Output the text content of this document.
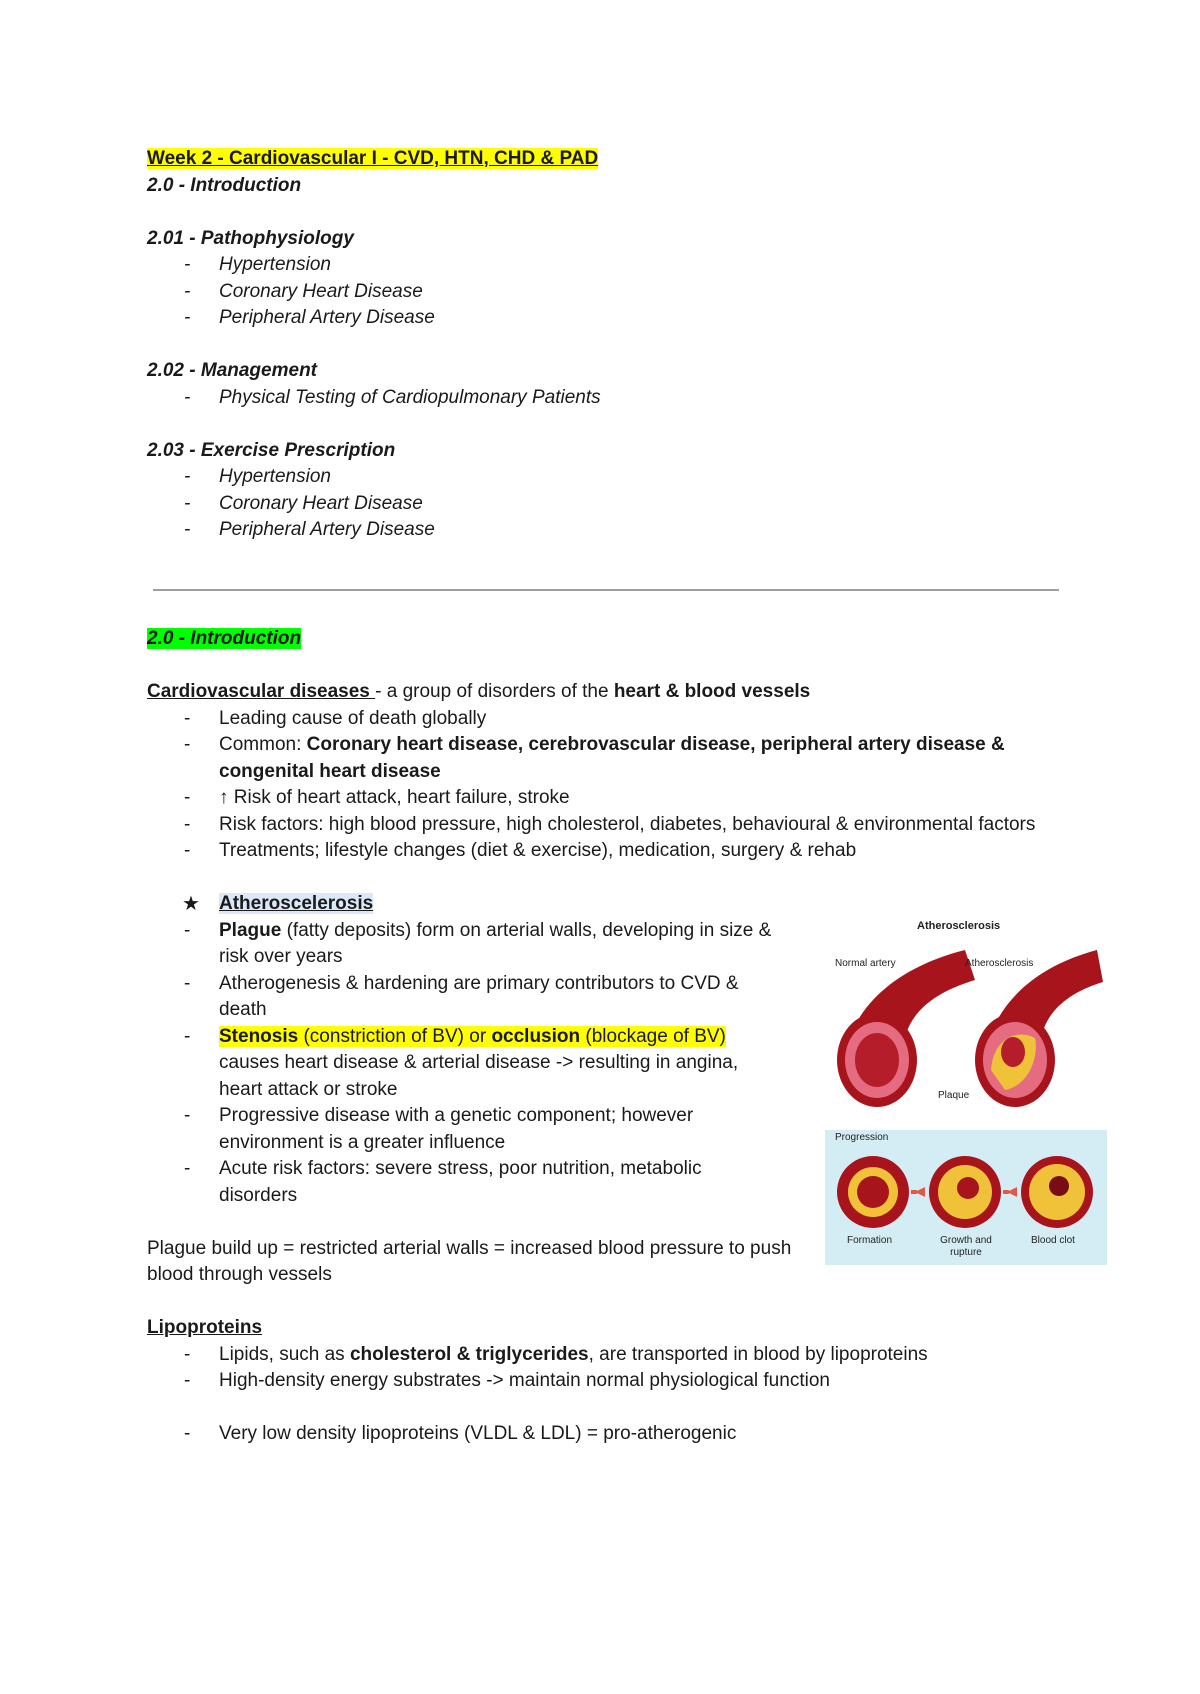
Week 2 - Cardiovascular I - CVD, HTN, CHD & PAD

2.0 - Introduction

2.01 - Pathophysiology

- Hypertension
- Coronary Heart Disease
- Peripheral Artery Disease

2.02 - Management

- Physical Testing of Cardiopulmonary Patients

2.03 - Exercise Prescription

- Hypertension
- Coronary Heart Disease
- Peripheral Artery Disease

2.0 - Introduction

Cardiovascular diseases - a group of disorders of the heart & blood vessels

- Leading cause of death globally
- Common: Coronary heart disease, cerebrovascular disease, peripheral artery disease & congenital heart disease
- ↑ Risk of heart attack, heart failure, stroke
- Risk factors: high blood pressure, high cholesterol, diabetes, behavioural & environmental factors
- Treatments; lifestyle changes (diet & exercise), medication, surgery & rehab
★ Atheroscelerosis
- Plague (fatty deposits) form on arterial walls, developing in size & risk over years
- Atherogenesis & hardening are primary contributors to CVD & death
- Stenosis (constriction of BV) or occlusion (blockage of BV) causes heart disease & arterial disease -> resulting in angina, heart attack or stroke
- Progressive disease with a genetic component; however environment is a greater influence
- Acute risk factors: severe stress, poor nutrition, metabolic disorders

Plague build up = restricted arterial walls = increased blood pressure to push blood through vessels

Lipoproteins

- Lipids, such as cholesterol & triglycerides, are transported in blood by lipoproteins
- High-density energy substrates -> maintain normal physiological function
- Very low density lipoproteins (VLDL & LDL) = pro-atherogenic
Atherosclerosis
Normal artery	Atherosclerosis
Plaque
Progression
Formation	Growth and rupture
Blood clot
